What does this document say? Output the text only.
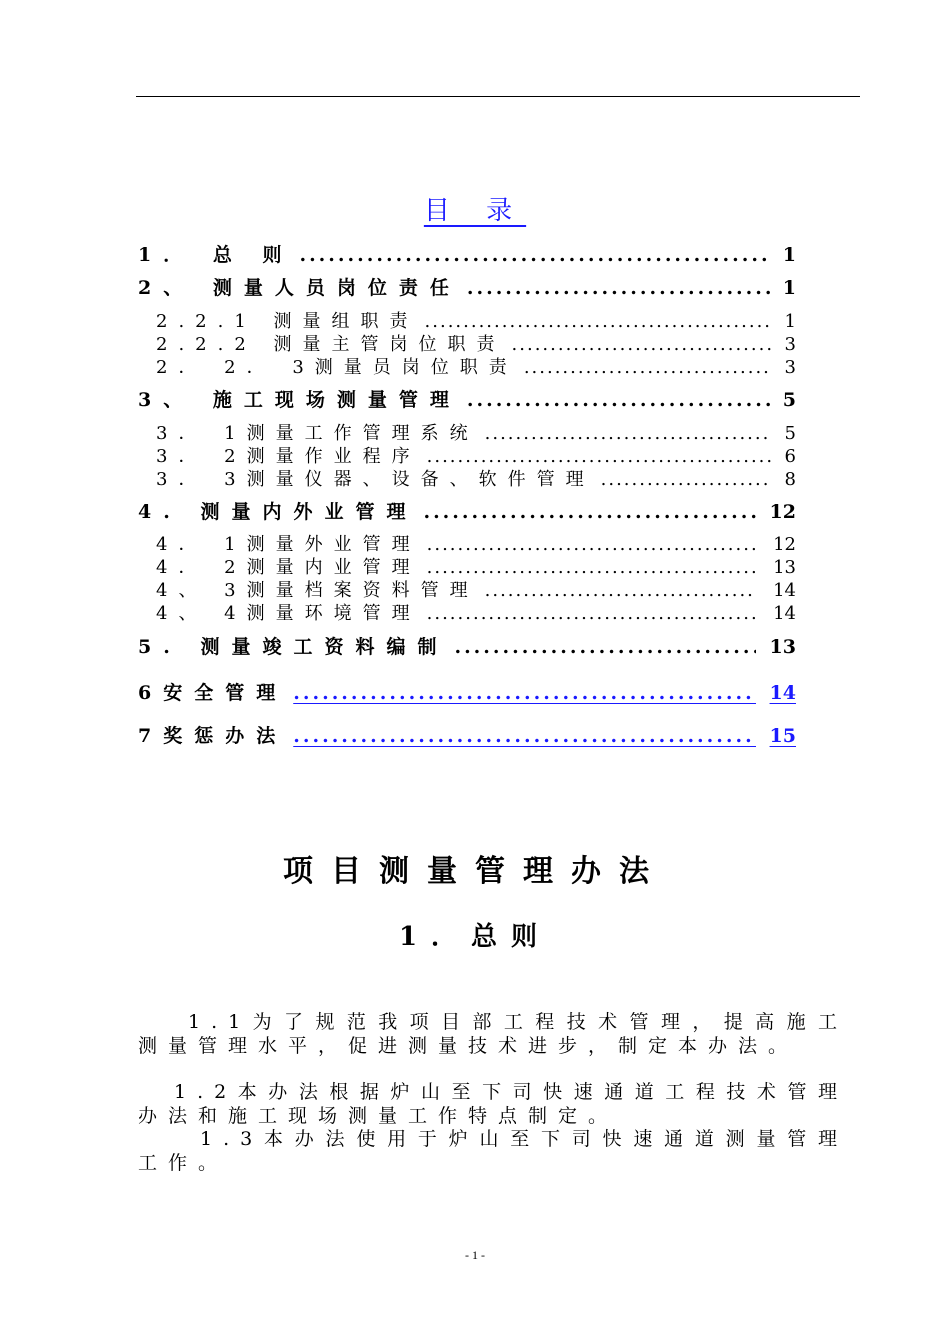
目 录
1． 总 则 .....	1
2、 测量人员岗位责任 .....	1
2.2.1 测量组职责 .....	1
2.2.2 测量主管岗位职责 .....	3
2． 2． 3测量员岗位职责 .....	3
3、 施工现场测量管理 .....	5
3． 1测量工作管理系统 .....	5
3． 2测量作业程序 .....	6
3． 3测量仪器、设备、软件管理 .....	8
4. 测量内外业管理 .....	12
4． 1测量外业管理 .....	12
4． 2测量内业管理 .....	13
4、 3测量档案资料管理 .....	14
4、 4测量环境管理 .....	14
5. 测量竣工资料编制 .....	13
6安全管理 .....	14
7奖惩办法 .....	15
项目测量管理办法
1．总则

1.1为了规范我项目部工程技术管理，提高施工测量管理水平，促进测量技术进步，制定本办法。

1.2本办法根据炉山至下司快速通道工程技术管理办法和施工现场测量工作特点制定。

1.3本办法使用于炉山至下司快速通道测量管理工作。

- 1 -
